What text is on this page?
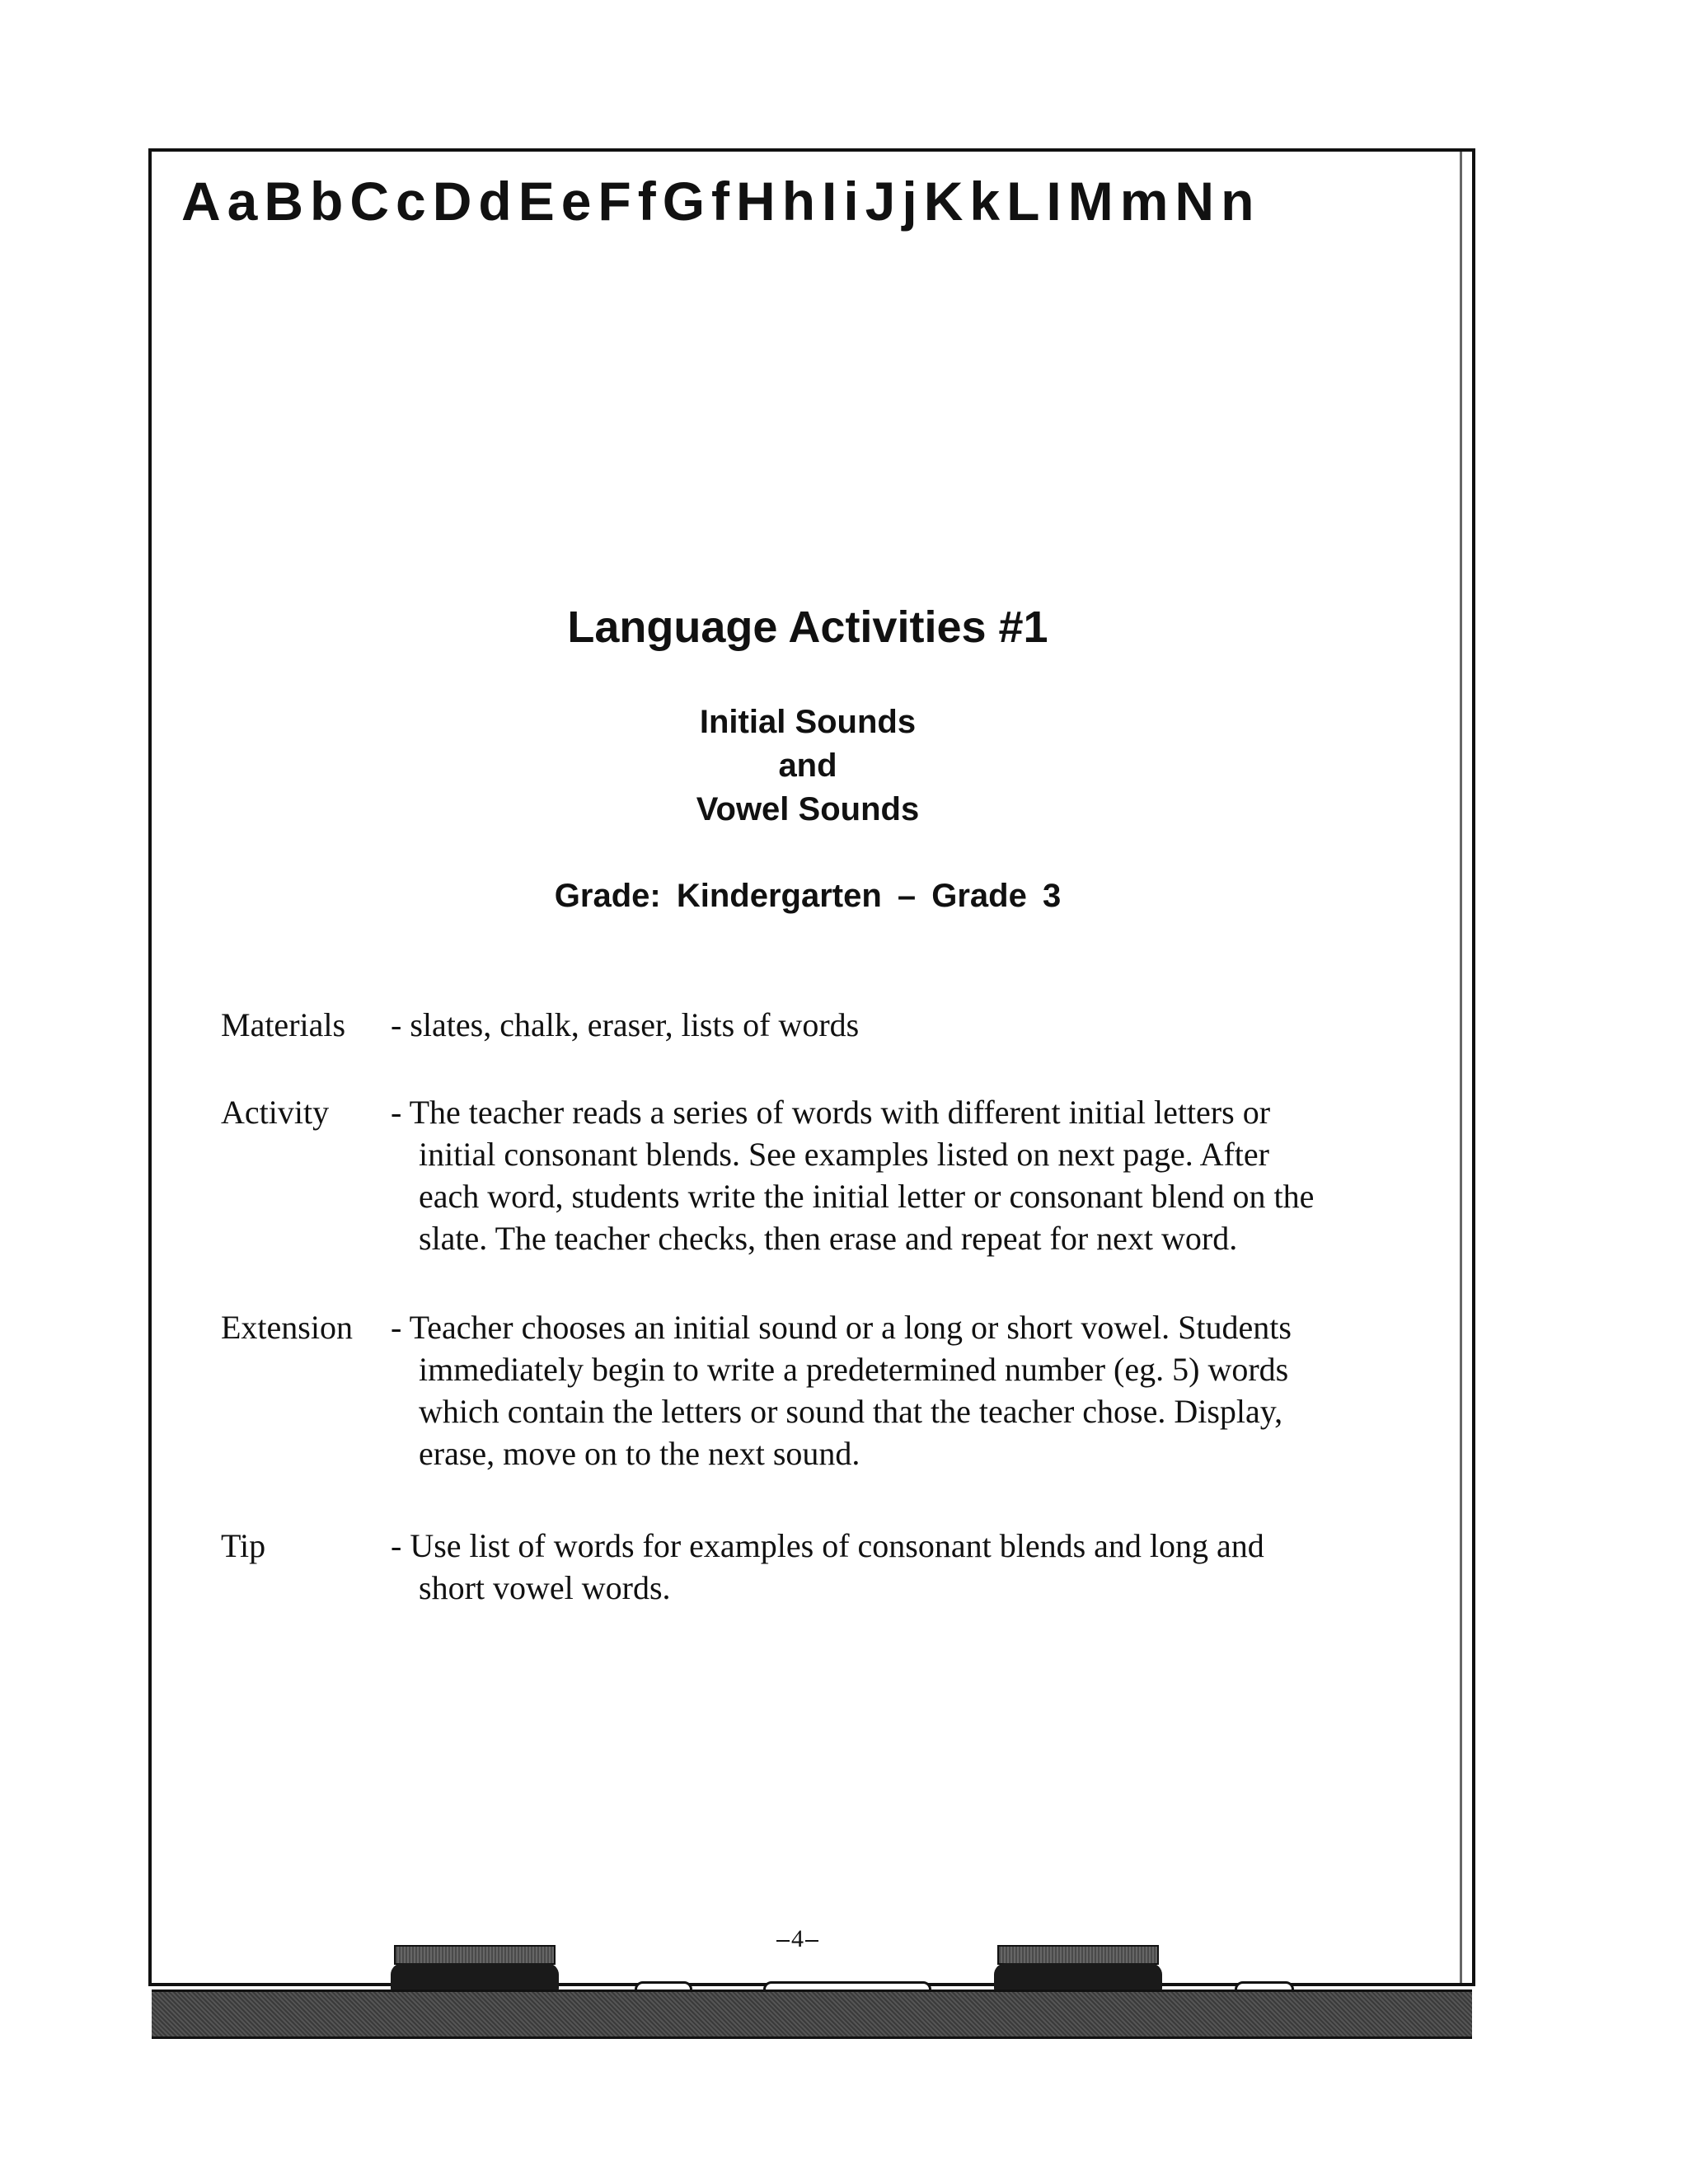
AaBbCcDdEeFfGfHhIiJjKkLIMmNn
Language Activities #1
Initial Sounds
and
Vowel Sounds
Grade: Kindergarten – Grade 3
Materials - slates, chalk, eraser, lists of words
Activity - The teacher reads a series of words with different initial letters or
initial consonant blends. See examples listed on next page. After
each word, students write the initial letter or consonant blend on the
slate. The teacher checks, then erase and repeat for next word.
Extension - Teacher chooses an initial sound or a long or short vowel. Students
immediately begin to write a predetermined number (eg. 5) words
which contain the letters or sound that the teacher chose. Display,
erase, move on to the next sound.
Tip	- Use list of words for examples of consonant blends and long and
short vowel words.
4
